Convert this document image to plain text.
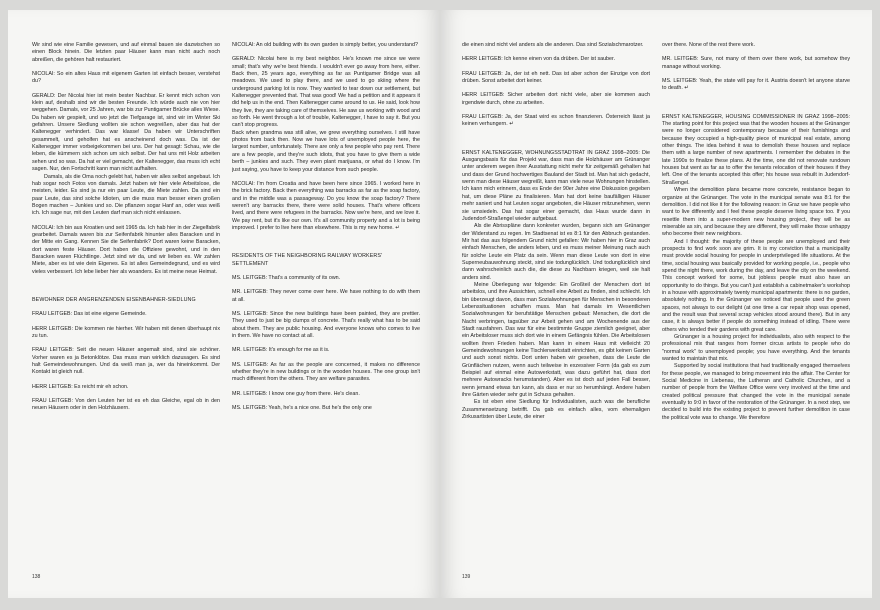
Wir sind wie eine Familie gewesen, und auf einmal bauen sie dazwischen so einen Block hinein. Die letzten paar Häuser kann man nicht auch noch abreißen, die gehören halt restauriert.

NICOLAI: So ein altes Haus mit eigenem Garten ist einfach besser, verstehst du?

GERALD: Der Nicolai hier ist mein bester Nachbar. Er kennt mich schon von klein auf, deshalb sind wir die besten Freunde. Ich würde auch nie von hier weggehen. Damals, vor 25 Jahren, war bis zur Puntigamer Brücke alles Wiese. Da haben wir gespielt, und wo jetzt die Tiefgarage ist, sind wir im Winter Ski gefahren. Unsere Siedlung wollten sie schon wegreißen, aber das hat der Kaltenegger verhindert. Das war klasse! Da haben wir Unterschriften gesammelt, und geholfen hat es anscheinend doch was. Da ist der Kaltenegger immer vorbeigekommen bei uns. Der hat gesagt: Schau, wie die leben, die kümmern sich schon um sich selbst. Der hat uns mit Holz arbeiten sehen und so was. Da hat er viel gemacht, der Kaltenegger, das muss ich echt sagen. Nur, den Fortschritt kann man nicht aufhalten.

Damals, als die Oma noch gelebt hat, haben wir alles selbst angebaut. Ich hab sogar noch Fotos von damals. Jetzt haben wir hier viele Arbeitslose, die meisten, leider. Es sind ja nur ein paar Leute, die Miete zahlen. Da sind ein paar Leute, das sind solche Idioten, um die muss man besser einen großen Bogen machen – Junkies und so. Die pflanzen sogar Hanf an, oder was weiß ich. Ich sage nur, mit den Leuten darf man sich nicht einlassen.

NICOLAI: Ich bin aus Kroatien und seit 1965 da. Ich hab hier in der Ziegelfabrik gearbeitet. Damals waren bis zur Seifenfabrik hinunter alles Baracken und in der Mitte ein Gang. Kennen Sie die Seifenfabrik? Dort waren keine Baracken, dort waren feste Häuser. Dort haben die Offiziere gewohnt, und in den Baracken waren Flüchtlinge. Jetzt sind wir da, und wir lieben es. Wir zahlen Miete, aber es ist wie dein Eigenes. Es ist alles Gemeindegrund, und es wird vieles verbessert. Ich lebe lieber hier als woanders. Es ist meine neue Heimat.

BEWOHNER DER ANGRENZENDEN EISENBAHNER-SIEDLUNG

FRAU LEITGEB: Das ist eine eigene Gemeinde.

HERR LEITGEB: Die kommen nie hierher. Wir haben mit denen überhaupt nix zu tun.

FRAU LEITGEB: Seit die neuen Häuser angemalt sind, sind sie schöner. Vorher waren es ja Betonklötze. Das muss man wirklich dazusagen. Es sind halt Gemeindewohnungen. Und da weiß man ja, wer da hineinkommt. Der Kontakt ist gleich null.

HERR LEITGEB: Es reicht mir eh schon.

FRAU LEITGEB: Von den Leuten her ist es eh das Gleiche, egal ob in den neuen Häusern oder in den Holzhäusern.

NICOLAI: An old building with its own garden is simply better, you understand?

GERALD: Nicolai here is my best neighbor. He's known me since we were small; that's why we're best friends. I wouldn't ever go away from here, either. Back then, 25 years ago, everything as far as Puntigamer Bridge was all meadows. We used to play there, and we used to go skiing where the underground parking lot is now. They wanted to tear down our settlement, but Kaltenegger prevented that. That was good! We had a petition and it appears it did help us in the end. Then Kaltenegger came around to us. He said, look how they live, they are taking care of themselves. He saw us working with wood and so forth. He went through a lot of trouble, Kaltenegger, I have to say it. But you can't stop progress.

Back when grandma was still alive, we grew everything ourselves. I still have photos from back then. Now we have lots of unemployed people here, the largest number, unfortunately. There are only a few people who pay rent. There are a few people, and they're such idiots, that you have to give them a wide berth – junkies and such. They even plant marijuana, or what do I know. I'm just saying, you have to keep your distance from such people.

NICOLAI: I'm from Croatia and have been here since 1965. I worked here in the brick factory. Back then everything was barracks as far as the soap factory, and in the middle was a passageway. Do you know the soap factory? There weren't any barracks there, there were solid houses. That's where officers lived, and there were refugees in the barracks. Now we're here, and we love it. We pay rent, but it's like our own. It's all community property and a lot is being improved. I prefer to live here than elsewhere. This is my new home. ↵

RESIDENTS OF THE NEIGHBORING RAILWAY WORKERS' SETTLEMENT

MS. LEITGEB: That's a community of its own.

MR. LEITGEB: They never come over here. We have nothing to do with them at all.

MS. LEITGEB: Since the new buildings have been painted, they are prettier. They used to just be big clumps of concrete. That's really what has to be said about them. They are public housing. And everyone knows who comes to live in them. We have no contact at all.

MR. LEITGEB: It's enough for me as it is.

MS. LEITGEB: As far as the people are concerned, it makes no difference whether they're in new buildings or in the wooden houses. The one group isn't much different from the others. They are welfare parasites.

MR. LEITGEB: I know one guy from there. He's clean.

MS. LEITGEB: Yeah, he's a nice one. But he's the only one

138

die einen sind nicht viel anders als die anderen. Das sind Sozialschmarotzer.

HERR LEITGEB: Ich kenne einen von da drüben. Der ist sauber.

FRAU LEITGEB: Ja, der ist eh nett. Das ist aber schon der Einzige von dort drüben. Sonst arbeitet dort keiner.

HERR LEITGEB: Sicher arbeiten dort nicht viele, aber sie kommen auch irgendwie durch, ohne zu arbeiten.

FRAU LEITGEB: Ja, der Staat wird es schon finanzieren. Österreich lässt ja keinen verhungern. ↵

ERNST KALTENEGGER, WOHNUNGSSTADTRAT IN GRAZ 1998–2005: Die Ausgangsbasis für das Projekt war, dass man die Holzhäuser am Grünanger unter anderem wegen ihrer Ausstattung nicht mehr für zeitgemäß gehalten hat und dass der Grund hochwertiges Bauland der Stadt ist. Man hat sich gedacht, wenn man diese Häuser wegreißt, kann man viele neue Wohnungen hinstellen. Ich kann mich erinnern, dass es Ende der 90er Jahre eine Diskussion gegeben hat, um diese Pläne zu finalisieren. Man hat dort keine baufälligen Häuser mehr saniert und hat Leuten sogar angeboten, die Häuser mitzunehmen, wenn sie umsiedeln. Das hat sogar einer gemacht, das Haus wurde dann in Judendorf-Straßengel wieder aufgebaut.

Als die Abrisspläne dann konkreter wurden, begann sich am Grünanger der Widerstand zu regen. Im Stadtsenat ist es 8:1 für den Abbruch gestanden. Mir hat das aus folgendem Grund nicht gefallen: Wir haben hier in Graz auch einfach Menschen, die anders leben, und es muss meiner Meinung nach auch für solche Leute ein Platz da sein. Wenn man diese Leute von dort in eine Superneubauwohnung steckt, sind sie todunglücklich. Und todunglücklich sind dann wahrscheinlich auch die, die diese zu Nachbarn kriegen, weil sie halt anders sind.

Meine Überlegung war folgende: Ein Großteil der Menschen dort ist arbeitslos, und ihre Aussichten, schnell eine Arbeit zu finden, sind schlecht. Ich bin überzeugt davon, dass man Sozialwohnungen für Menschen in besonderen Lebenssituationen schaffen muss. Man hat damals im Wesentlichen Sozialwohnungen für berufstätige Menschen gebaut: Menschen, die dort die Nacht verbringen, tagsüber zur Arbeit gehen und am Wochenende aus der Stadt rausfahren. Das war für eine bestimmte Gruppe ziemlich geeignet, aber ein Arbeitsloser muss sich dort wie in einem Gefängnis fühlen. Die Arbeitslosen wollten ihren Frieden haben. Man kann in einem Haus mit vielleicht 20 Gemeindewohnungen keine Tischlerwerkstatt einrichten, es gibt keinen Garten und auch sonst nichts. Dort unten haben wir gesehen, dass die Leute die Grünflächen nutzen, wenn auch teilweise in exzessiver Form (da gab es zum Beispiel auf einmal eine Autowerkstatt, was dazu geführt hat, dass dort mehrere Autowracks herumstanden). Aber es ist doch auf jeden Fall besser, wenn jemand etwas tun kann, als dass er nur so herumhängt. Andere haben ihre Gärten wieder sehr gut in Schuss gehalten.

Es ist eben eine Siedlung für Individualisten, auch was die berufliche Zusammensetzung betrifft. Da gab es einfach alles, vom ehemaligen Zirkusartisten über Leute, die einer

over there. None of the rest there work.

MR. LEITGEB: Sure, not many of them over there work, but somehow they manage without working.

MS. LEITGEB: Yeah, the state will pay for it. Austria doesn't let anyone starve to death. ↵

ERNST KALTENEGGER, HOUSING COMMISSIONER IN GRAZ 1998–2005: The starting point for this project was that the wooden houses at the Grünanger were no longer considered contemporary because of their furnishings and because they occupied a high-quality piece of municipal real estate, among other things. The idea behind it was to demolish these houses and replace them with a large number of new apartments. I remember the debates in the late 1990s to finalize these plans. At the time, one did not renovate rundown houses but went as far as to offer the tenants relocation of their houses if they left. One of the tenants accepted this offer; his house was rebuilt in Judendorf-Straßengel.

When the demolition plans became more concrete, resistance began to organize at the Grünanger. The vote in the municipal senate was 8:1 for the demolition. I did not like it for the following reason: in Graz we have people who want to live differently and I feel these people deserve living space too. If you resettle them into a super-modern new housing project, they will be as miserable as sin, and because they are different, they will make those unhappy who become their new neighbors.

And I thought: the majority of these people are unemployed and their prospects to find work soon are grim. It is my conviction that a municipality must provide social housing for people in underprivileged life situations. At the time, social housing was basically provided for working people, i.e., people who spend the night there, work during the day, and leave the city on the weekend. This concept worked for some, but jobless people must also have an opportunity to do things. But you can't just establish a cabinetmaker's workshop in a house with approximately twenty municipal apartments: there is no garden, absolutely nothing. In the Grünanger we noticed that people used the green spaces, not always to our delight (at one time a car repair shop was opened, and the result was that several scrap vehicles stood around there). But in any case, it is always better if people do something instead of idling. There were others who tended their gardens with great care.

Grünanger is a housing project for individualists, also with respect to the professional mix that ranges from former circus artists to people who do "normal work" to unemployed people; you have everything. And the tenants wanted to maintain that mix.

Supported by social institutions that had traditionally engaged themselves for these people, we managed to bring movement into the affair. The Center for Social Medicine in Liebenau, the Lutheran and Catholic Churches, and a number of people from the Welfare Office were very involved at the time and created political pressure that changed the vote in the municipal senate eventually to 9:0 in favor of the restoration of the Grünanger. In a next step, we decided to build into the existing project to prevent further demolition in case the political vote was to change. We therefore

139
